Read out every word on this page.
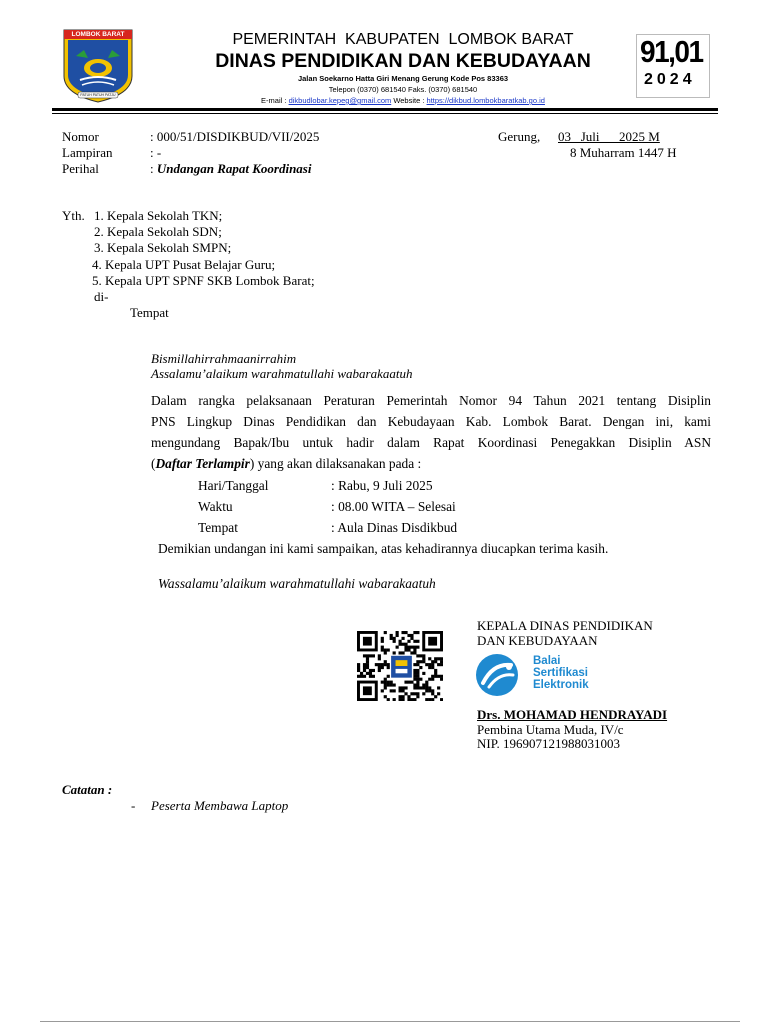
LOMBOK BARAT
PATUH PATUH PATJU
PEMERINTAH  KABUPATEN  LOMBOK BARAT
DINAS PENDIDIKAN DAN KEBUDAYAAN
Jalan Soekarno Hatta Giri Menang Gerung Kode Pos 83363
Telepon (0370) 681540 Faks. (0370) 681540
E-mail : dikbudlobar.kepeg@gmail.com Website : https://dikbud.lombokbaratkab.go.id
91,01
2024
Nomor	: 000/51/DISDIKBUD/VII/2025
Lampiran	: -
Perihal	: Undangan Rapat Koordinasi
Gerung, 03   Juli      2025 M
8 Muharram 1447 H
Yth. 1. Kepala Sekolah TKN;
2. Kepala Sekolah SDN;
3. Kepala Sekolah SMPN;
4. Kepala UPT Pusat Belajar Guru;
5. Kepala UPT SPNF SKB Lombok Barat;
di-
Tempat
Bismillahirrahmaanirrahim
Assalamu’alaikum warahmatullahi wabarakaatuh
Dalam rangka pelaksanaan Peraturan Pemerintah Nomor 94 Tahun 2021 tentang Disiplin
PNS Lingkup Dinas Pendidikan dan Kebudayaan Kab. Lombok Barat. Dengan ini, kami
mengundang Bapak/Ibu untuk hadir dalam Rapat Koordinasi Penegakkan Disiplin ASN
(Daftar Terlampir) yang akan dilaksanakan pada :
Hari/Tanggal	: Rabu, 9 Juli 2025
Waktu	: 08.00 WITA – Selesai
Tempat	: Aula Dinas Disdikbud
Demikian undangan ini kami sampaikan, atas kehadirannya diucapkan terima kasih.
Wassalamu’alaikum warahmatullahi wabarakaatuh
KEPALA DINAS PENDIDIKAN
DAN KEBUDAYAAN
Balai
Sertifikasi
Elektronik
Drs. MOHAMAD HENDRAYADI
Pembina Utama Muda, IV/c
NIP. 196907121988031003
Catatan :
- Peserta Membawa Laptop
